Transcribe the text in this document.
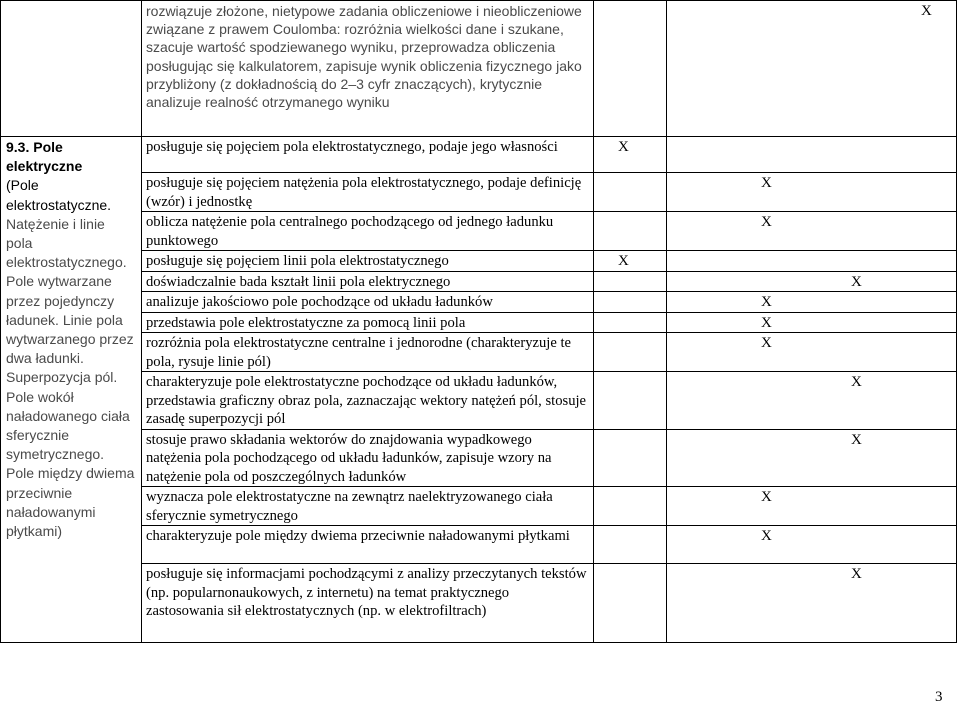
	rozwiązuje złożone, nietypowe zadania obliczeniowe i nieobliczeniowe związane z prawem Coulomba: rozróżnia wielkości dane i szukane, szacuje wartość spodziewanego wyniku, przeprowadza obliczenia posługując się kalkulatorem, zapisuje wynik obliczenia fizycznego jako przybliżony (z dokładnością do 2–3 cyfr znaczących), krytycznie analizuje realność otrzymanego wyniku		X

9.3. Pole elektryczne
(Pole elektrostatyczne.
Natężenie i linie pola elektrostatycznego. Pole wytwarzane przez pojedynczy ładunek. Linie pola wytwarzanego przez dwa ładunki. Superpozycja pól. Pole wokół naładowanego ciała sferycznie symetrycznego. Pole między dwiema przeciwnie naładowanymi płytkami)	posługuje się pojęciem pola elektrostatycznego, podaje jego własności	X	

	posługuje się pojęciem natężenia pola elektrostatycznego, podaje definicję (wzór) i jednostkę		X

	oblicza natężenie pola centralnego pochodzącego od jednego ładunku punktowego		X

	posługuje się pojęciem linii pola elektrostatycznego	X	

	doświadczalnie bada kształt linii pola elektrycznego		X

	analizuje jakościowo pole pochodzące od układu ładunków		X

	przedstawia pole elektrostatyczne za pomocą linii pola		X

	rozróżnia pola elektrostatyczne centralne i jednorodne (charakteryzuje te pola, rysuje linie pól)		X

	charakteryzuje pole elektrostatyczne pochodzące od układu ładunków, przedstawia graficzny obraz pola, zaznaczając wektory natężeń pól, stosuje zasadę superpozycji pól		X

	stosuje prawo składania wektorów do znajdowania wypadkowego natężenia pola pochodzącego od układu ładunków, zapisuje wzory na natężenie pola od poszczególnych ładunków		X

	wyznacza pole elektrostatyczne na zewnątrz naelektryzowanego ciała sferycznie symetrycznego		X

	charakteryzuje pole między dwiema przeciwnie naładowanymi płytkami		X

	posługuje się informacjami pochodzącymi z analizy przeczytanych tekstów (np. popularnonaukowych, z internetu) na temat praktycznego zastosowania sił elektrostatycznych (np. w elektrofiltrach)		X
3
